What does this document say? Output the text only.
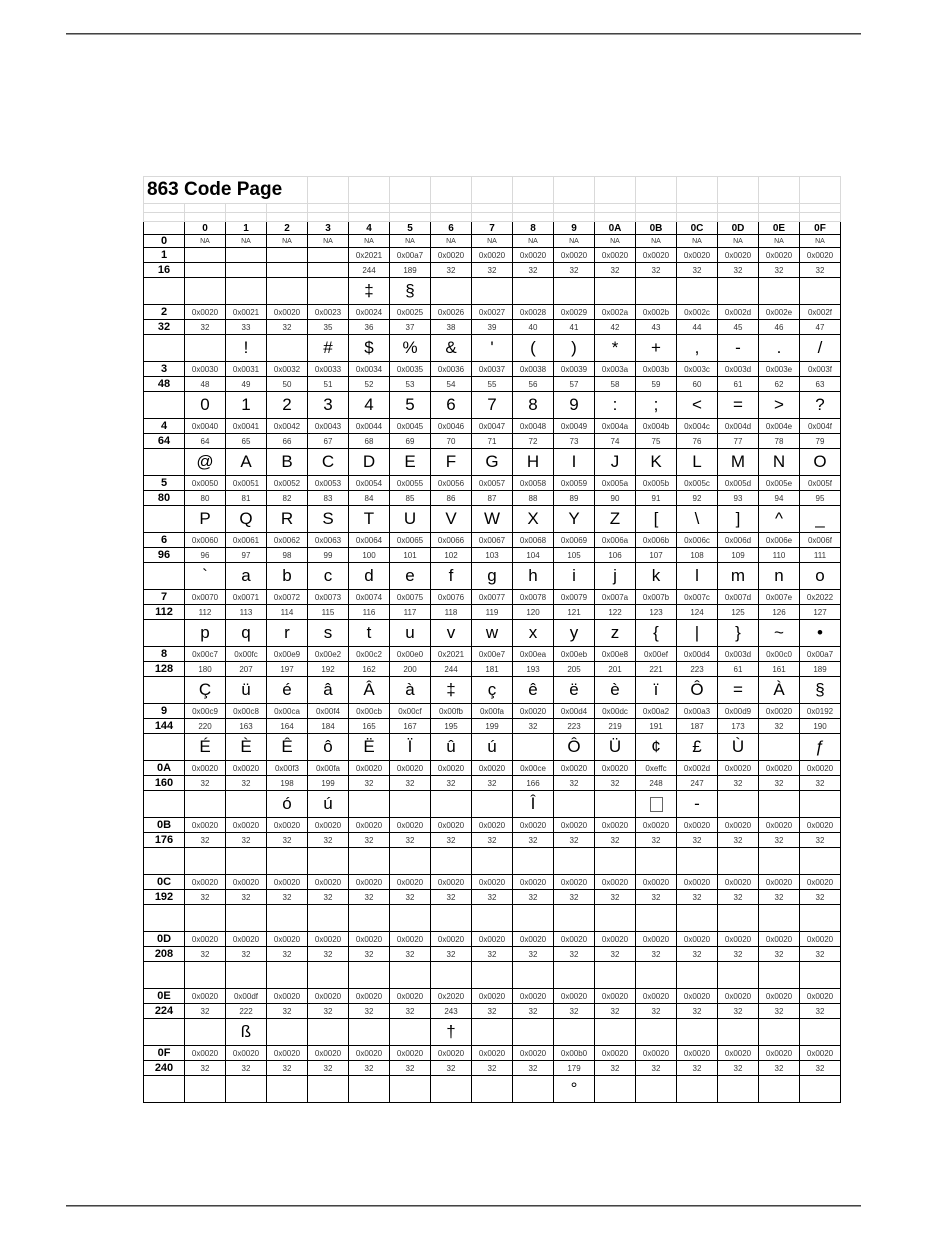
863 Code Page																

	0	1	2	3	4	5	6	7	8	9	0A	0B	0C	0D	0E	0F
0	NA	NA	NA	NA	NA	NA	NA	NA	NA	NA	NA	NA	NA	NA	NA	NA
1					0x2021	0x00a7	0x0020	0x0020	0x0020	0x0020	0x0020	0x0020	0x0020	0x0020	0x0020	0x0020
16					244	189	32	32	32	32	32	32	32	32	32	32
					‡	§										
2	0x0020	0x0021	0x0020	0x0023	0x0024	0x0025	0x0026	0x0027	0x0028	0x0029	0x002a	0x002b	0x002c	0x002d	0x002e	0x002f
32	32	33	32	35	36	37	38	39	40	41	42	43	44	45	46	47
		!		#	$	%	&	'	(	)	*	+	,	-	.	/
3	0x0030	0x0031	0x0032	0x0033	0x0034	0x0035	0x0036	0x0037	0x0038	0x0039	0x003a	0x003b	0x003c	0x003d	0x003e	0x003f
48	48	49	50	51	52	53	54	55	56	57	58	59	60	61	62	63
	0	1	2	3	4	5	6	7	8	9	:	;	<	=	>	?
4	0x0040	0x0041	0x0042	0x0043	0x0044	0x0045	0x0046	0x0047	0x0048	0x0049	0x004a	0x004b	0x004c	0x004d	0x004e	0x004f
64	64	65	66	67	68	69	70	71	72	73	74	75	76	77	78	79
	@	A	B	C	D	E	F	G	H	I	J	K	L	M	N	O
5	0x0050	0x0051	0x0052	0x0053	0x0054	0x0055	0x0056	0x0057	0x0058	0x0059	0x005a	0x005b	0x005c	0x005d	0x005e	0x005f
80	80	81	82	83	84	85	86	87	88	89	90	91	92	93	94	95
	P	Q	R	S	T	U	V	W	X	Y	Z	[	\	]	^	_
6	0x0060	0x0061	0x0062	0x0063	0x0064	0x0065	0x0066	0x0067	0x0068	0x0069	0x006a	0x006b	0x006c	0x006d	0x006e	0x006f
96	96	97	98	99	100	101	102	103	104	105	106	107	108	109	110	111
	`	a	b	c	d	e	f	g	h	i	j	k	l	m	n	o
7	0x0070	0x0071	0x0072	0x0073	0x0074	0x0075	0x0076	0x0077	0x0078	0x0079	0x007a	0x007b	0x007c	0x007d	0x007e	0x2022
112	112	113	114	115	116	117	118	119	120	121	122	123	124	125	126	127
	p	q	r	s	t	u	v	w	x	y	z	{	|	}	~	•
8	0x00c7	0x00fc	0x00e9	0x00e2	0x00c2	0x00e0	0x2021	0x00e7	0x00ea	0x00eb	0x00e8	0x00ef	0x00d4	0x003d	0x00c0	0x00a7
128	180	207	197	192	162	200	244	181	193	205	201	221	223	61	161	189
	Ç	ü	é	â	Â	à	‡	ç	ê	ë	è	ï	Ô	=	À	§
9	0x00c9	0x00c8	0x00ca	0x00f4	0x00cb	0x00cf	0x00fb	0x00fa	0x0020	0x00d4	0x00dc	0x00a2	0x00a3	0x00d9	0x0020	0x0192
144	220	163	164	184	165	167	195	199	32	223	219	191	187	173	32	190
	É	È	Ê	ô	Ë	Ï	û	ú		Ô	Ü	¢	£	Ù		ƒ
0A	0x0020	0x0020	0x00f3	0x00fa	0x0020	0x0020	0x0020	0x0020	0x00ce	0x0020	0x0020	0xeffc	0x002d	0x0020	0x0020	0x0020
160	32	32	198	199	32	32	32	32	166	32	32	248	247	32	32	32
			ó	ú					Î				-			
0B	0x0020	0x0020	0x0020	0x0020	0x0020	0x0020	0x0020	0x0020	0x0020	0x0020	0x0020	0x0020	0x0020	0x0020	0x0020	0x0020
176	32	32	32	32	32	32	32	32	32	32	32	32	32	32	32	32

0C	0x0020	0x0020	0x0020	0x0020	0x0020	0x0020	0x0020	0x0020	0x0020	0x0020	0x0020	0x0020	0x0020	0x0020	0x0020	0x0020
192	32	32	32	32	32	32	32	32	32	32	32	32	32	32	32	32

0D	0x0020	0x0020	0x0020	0x0020	0x0020	0x0020	0x0020	0x0020	0x0020	0x0020	0x0020	0x0020	0x0020	0x0020	0x0020	0x0020
208	32	32	32	32	32	32	32	32	32	32	32	32	32	32	32	32

0E	0x0020	0x00df	0x0020	0x0020	0x0020	0x0020	0x2020	0x0020	0x0020	0x0020	0x0020	0x0020	0x0020	0x0020	0x0020	0x0020
224	32	222	32	32	32	32	243	32	32	32	32	32	32	32	32	32
		ß					†									
0F	0x0020	0x0020	0x0020	0x0020	0x0020	0x0020	0x0020	0x0020	0x0020	0x00b0	0x0020	0x0020	0x0020	0x0020	0x0020	0x0020
240	32	32	32	32	32	32	32	32	32	179	32	32	32	32	32	32
										°						
